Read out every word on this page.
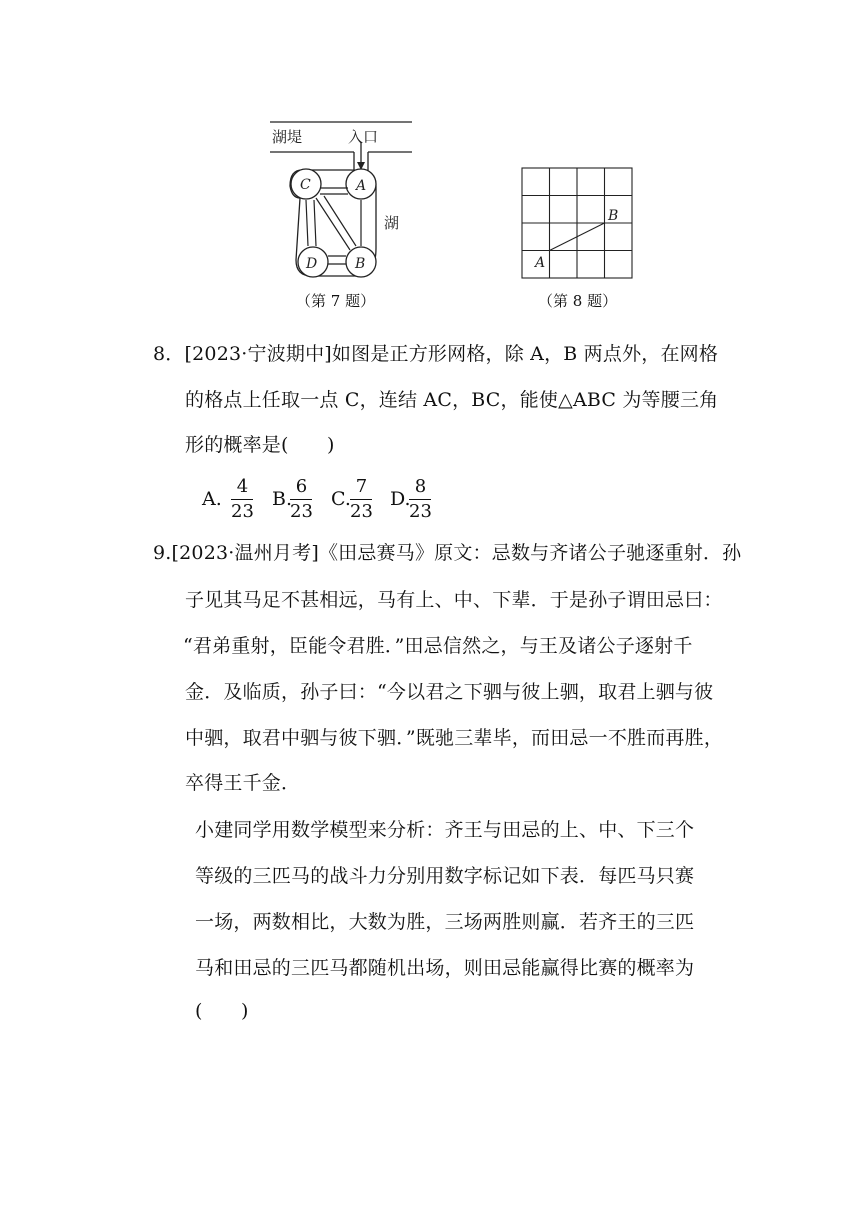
湖堤	入口
湖
C	A
D	B
（第 7 题）
A
B
（第 8 题）
8．[2023·宁波期中]如图是正方形网格，除 A，B 两点外，在网格
的格点上任取一点 C，连结 AC，BC，能使△ABC 为等腰三角
形的概率是(　　)
A.
4
23
B.
6
23
C.
7
23
D.
8
23
9.[2023·温州月考]《田忌赛马》原文：忌数与齐诸公子驰逐重射．孙
子见其马足不甚相远，马有上、中、下辈．于是孙子谓田忌曰：
“君弟重射，臣能令君胜．”田忌信然之，与王及诸公子逐射千
金．及临质，孙子曰：“今以君之下驷与彼上驷，取君上驷与彼
中驷，取君中驷与彼下驷．”既驰三辈毕，而田忌一不胜而再胜，
卒得王千金．
小建同学用数学模型来分析：齐王与田忌的上、中、下三个
等级的三匹马的战斗力分别用数字标记如下表．每匹马只赛
一场，两数相比，大数为胜，三场两胜则赢．若齐王的三匹
马和田忌的三匹马都随机出场，则田忌能赢得比赛的概率为
(　　)
